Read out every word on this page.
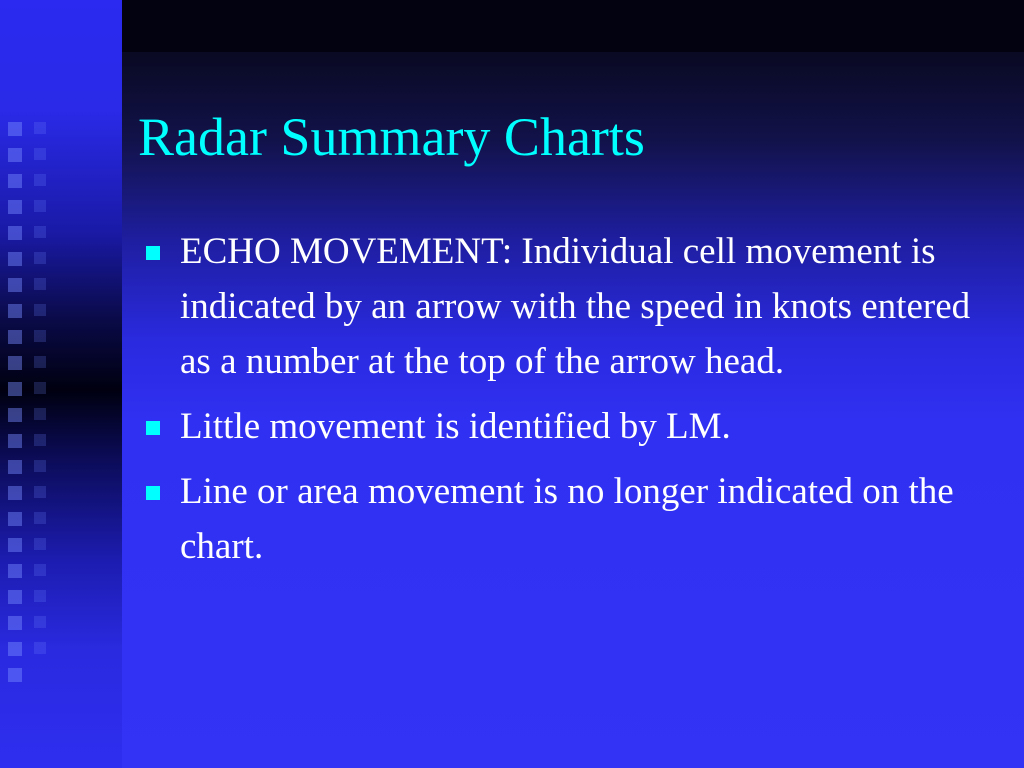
Radar Summary Charts
ECHO MOVEMENT: Individual cell movement is indicated by an arrow with the speed in knots entered as a number at the top of the arrow head.
Little movement is identified by LM.
Line or area movement is no longer indicated on the chart.
